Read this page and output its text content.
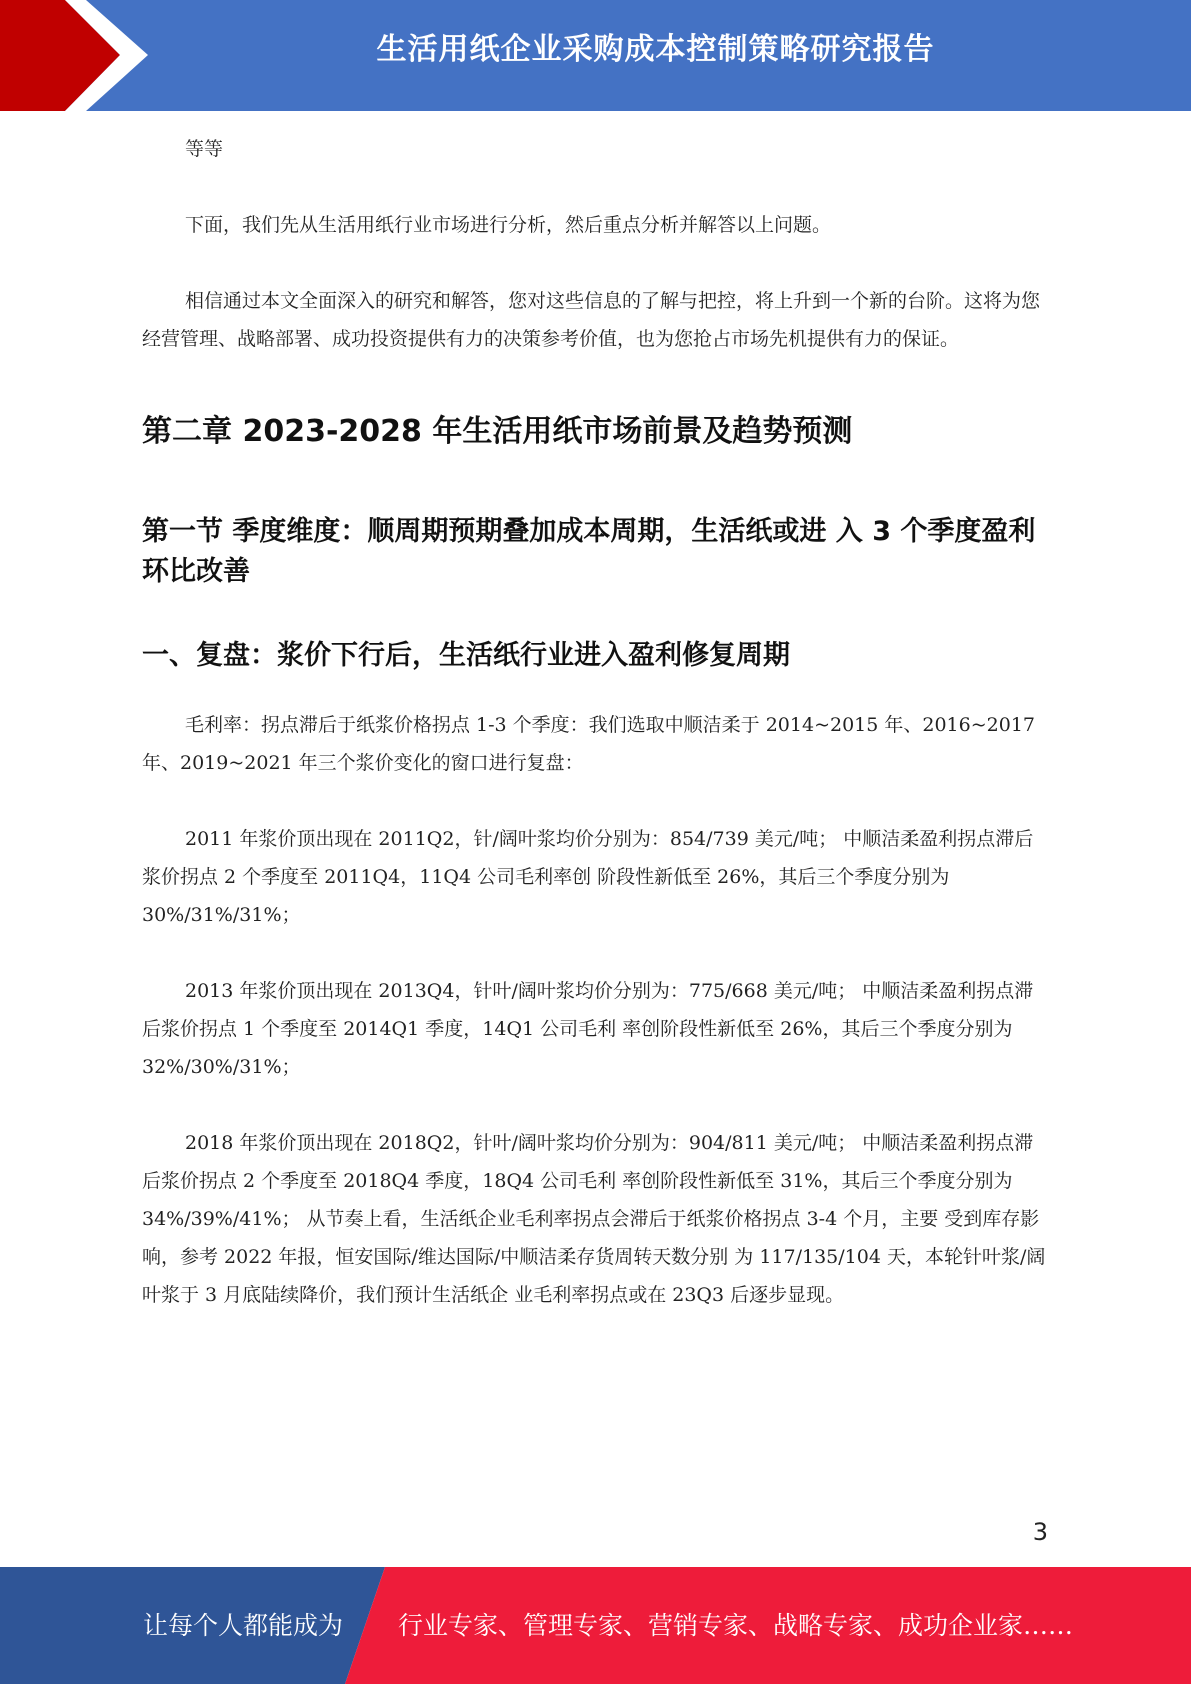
生活用纸企业采购成本控制策略研究报告

等等

下面，我们先从生活用纸行业市场进行分析，然后重点分析并解答以上问题。

相信通过本文全面深入的研究和解答，您对这些信息的了解与把控，将上升到一个新的台阶。这将为您经营管理、战略部署、成功投资提供有力的决策参考价值，也为您抢占市场先机提供有力的保证。

第二章 2023-2028 年生活用纸市场前景及趋势预测
第一节 季度维度：顺周期预期叠加成本周期，生活纸或进 入 3 个季度盈利环比改善
一、复盘：浆价下行后，生活纸行业进入盈利修复周期

毛利率：拐点滞后于纸浆价格拐点 1-3 个季度：我们选取中顺洁柔于 2014~2015 年、2016~2017 年、2019~2021 年三个浆价变化的窗口进行复盘：

2011 年浆价顶出现在 2011Q2，针/阔叶浆均价分别为：854/739 美元/吨； 中顺洁柔盈利拐点滞后浆价拐点 2 个季度至 2011Q4，11Q4 公司毛利率创 阶段性新低至 26%，其后三个季度分别为 30%/31%/31%；

2013 年浆价顶出现在 2013Q4，针叶/阔叶浆均价分别为：775/668 美元/吨； 中顺洁柔盈利拐点滞后浆价拐点 1 个季度至 2014Q1 季度，14Q1 公司毛利 率创阶段性新低至 26%，其后三个季度分别为 32%/30%/31%；

2018 年浆价顶出现在 2018Q2，针叶/阔叶浆均价分别为：904/811 美元/吨； 中顺洁柔盈利拐点滞后浆价拐点 2 个季度至 2018Q4 季度，18Q4 公司毛利 率创阶段性新低至 31%，其后三个季度分别为 34%/39%/41%； 从节奏上看，生活纸企业毛利率拐点会滞后于纸浆价格拐点 3-4 个月，主要 受到库存影响，参考 2022 年报，恒安国际/维达国际/中顺洁柔存货周转天数分别 为 117/135/104 天，本轮针叶浆/阔叶浆于 3 月底陆续降价，我们预计生活纸企 业毛利率拐点或在 23Q3 后逐步显现。

3
让每个人都能成为 行业专家、管理专家、营销专家、战略专家、成功企业家……
